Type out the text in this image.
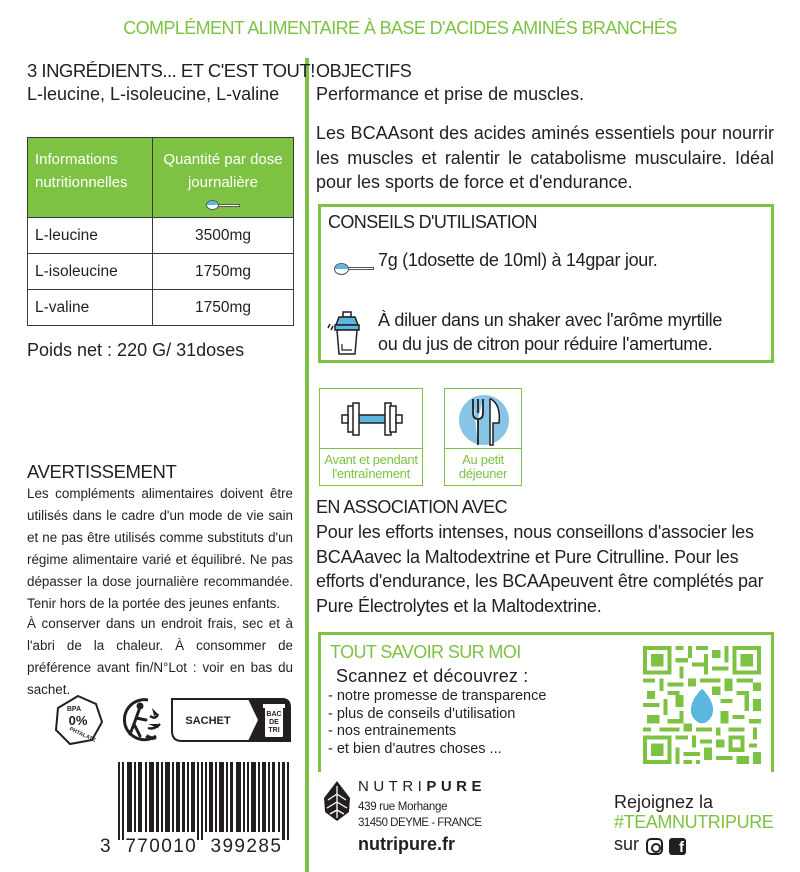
COMPLÉMENT ALIMENTAIRE À BASE D'ACIDES AMINÉS BRANCHÉS
3 INGRÉDIENTS... ET C'EST TOUT!
L-leucine, L-isoleucine, L-valine
Informations nutritionnelles	Quantité par dose journalière

L-leucine	3500mg
L-isoleucine	1750mg
L-valine	1750mg
Poids net : 220 G/ 31doses
AVERTISSEMENT
Les compléments alimentaires doivent être utilisés dans le cadre d'un mode de vie sain et ne pas être utilisés comme substituts d'un régime alimentaire varié et équilibré. Ne pas dépasser la dose journalière recommandée. Tenir hors de la portée des jeunes enfants.
À conserver dans un endroit frais, sec et à l'abri de la chaleur. À consommer de préférence avant fin/N°Lot : voir en bas du sachet.
BPA
0%
PHTALATE
SACHET
BAC
DE
TRI
3 770010 399285
OBJECTIFS
Performance et prise de muscles.
Les BCAAsont des acides aminés essentiels pour nourrir les muscles et ralentir le catabolisme musculaire. Idéal pour les sports de force et d'endurance.
CONSEILS D'UTILISATION
7g (1dosette de 10ml) à 14gpar jour.
À diluer dans un shaker avec l'arôme myrtille
ou du jus de citron pour réduire l'amertume.
Avant et pendant
l'entraînement
Au petit
déjeuner
EN ASSOCIATION AVEC
Pour les efforts intenses, nous conseillons d'associer les BCAAavec la Maltodextrine et Pure Citrulline. Pour les efforts d'endurance, les BCAApeuvent être complétés par Pure Électrolytes et la Maltodextrine.
TOUT SAVOIR SUR MOI
Scannez et découvrez :
- notre promesse de transparence
- plus de conseils d'utilisation
- nos entrainements
- et bien d'autres choses ...
NUTRIPURE
439 rue Morhange
31450 DEYME - FRANCE
nutripure.fr
Rejoignez la
#TEAMNUTRIPURE
sur	f
